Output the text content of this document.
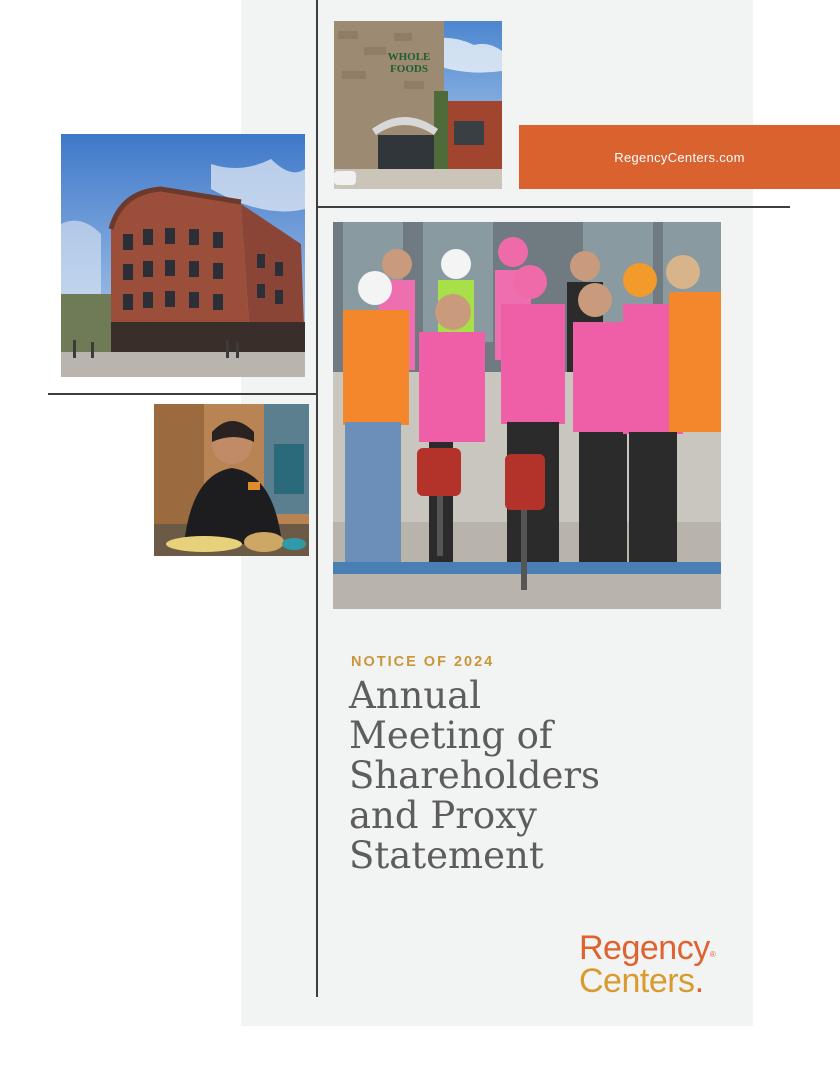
WHOLE FOODS
RegencyCenters.com
NOTICE OF 2024
Annual
Meeting of
Shareholders
and Proxy
Statement
Regency®
Centers.
